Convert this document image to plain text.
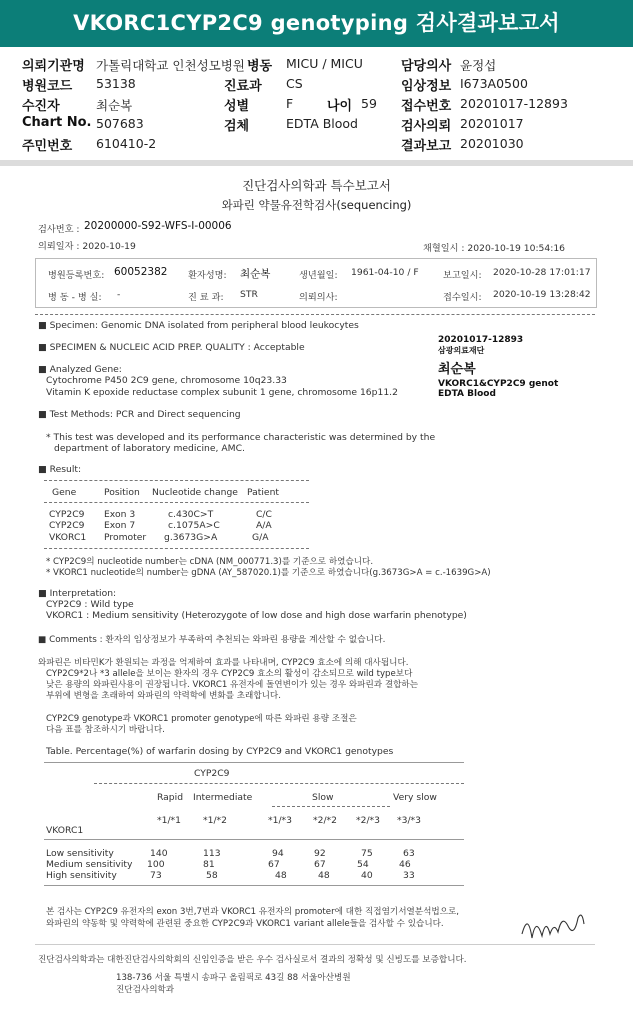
VKORC1CYP2C9 genotyping 검사결과보고서
의뢰기관명 가톨릭대학교 인천성모병원 병동 MICU / MICU	담당의사 윤정섭
병원코드 53138	진료과 CS	임상정보 I673A0500
수진자	최순복	성별	F	나이 59 접수번호 20201017-12893
Chart No. 507683	검체	EDTA Blood	검사의뢰 20201017
주민번호 610410-2	결과보고 20201030
진단검사의학과 특수보고서
와파린 약물유전학검사(sequencing)
검사번호 : 20200000-S92-WFS-I-00006
의뢰일자 : 2020-10-19	채혈일시 : 2020-10-19 10:54:16
병원등록번호: 60052382 환자성명: 최순복	생년월일: 1961-04-10 / F	보고일시: 2020-10-28 17:01:17
병 동 - 병 실: -	진 료 과: STR	의뢰의사:	접수일시: 2020-10-19 13:28:42
■ Specimen: Genomic DNA isolated from peripheral blood leukocytes
■ SPECIMEN & NUCLEIC ACID PREP. QUALITY : Acceptable
■ Analyzed Gene:
Cytochrome P450 2C9 gene, chromosome 10q23.33
Vitamin K epoxide reductase complex subunit 1 gene, chromosome 16p11.2
■ Test Methods: PCR and Direct sequencing
* This test was developed and its performance characteristic was determined by the
department of laboratory medicine, AMC.
20201017-12893
삼광의료재단
최순복
VKORC1&CYP2C9 genot
EDTA Blood
■ Result:
Gene	Position Nucleotide change Patient
CYP2C9 Exon 3	c.430C>T	C/C
CYP2C9 Exon 7	c.1075A>C	A/A
VKORC1 Promoter g.3673G>A	G/A
* CYP2C9의 nucleotide number는 cDNA (NM_000771.3)를 기준으로 하였습니다.
* VKORC1 nucleotide의 number는 gDNA (AY_587020.1)를 기준으로 하였습니다(g.3673G>A = c.-1639G>A)
■ Interpretation:
CYP2C9 : Wild type
VKORC1 : Medium sensitivity (Heterozygote of low dose and high dose warfarin phenotype)
■ Comments : 환자의 임상정보가 부족하여 추천되는 와파린 용량을 계산할 수 없습니다.
와파린은 비타민K가 환원되는 과정을 억제하여 효과를 나타내며, CYP2C9 효소에 의해 대사됩니다.
CYP2C9*2나 *3 allele을 보이는 환자의 경우 CYP2C9 효소의 활성이 감소되므로 wild type보다
낮은 용량의 와파린사용이 권장됩니다. VKORC1 유전자에 돌연변이가 있는 경우 와파린과 결합하는
부위에 변형을 초래하여 와파린의 약력학에 변화를 초래합니다.
CYP2C9 genotype과 VKORC1 promoter genotype에 따른 와파린 용량 조절은
다음 표를 참조하시기 바랍니다.
Table. Percentage(%) of warfarin dosing by CYP2C9 and VKORC1 genotypes
CYP2C9
Rapid Intermediate	Slow	Very slow
*1/*1 *1/*2	*1/*3 *2/*2 *2/*3 *3/*3
VKORC1
Low sensitivity	140	113	94	92	75	63
Medium sensitivity 100	81	67	67	54	46
High sensitivity	73	58	48	48	40	33
본 검사는 CYP2C9 유전자의 exon 3번,7번과 VKORC1 유전자의 promoter에 대한 직접염기서열분석법으로,
와파린의 약동학 및 약력학에 관련된 중요한 CYP2C9과 VKORC1 variant allele들을 검사할 수 있습니다.
진단검사의학과는 대한진단검사의학회의 신임인증을 받은 우수 검사실로서 결과의 정확성 및 신빙도를 보증합니다.
138-736 서울 특별시 송파구 올림픽로 43길 88 서울아산병원
진단검사의학과
